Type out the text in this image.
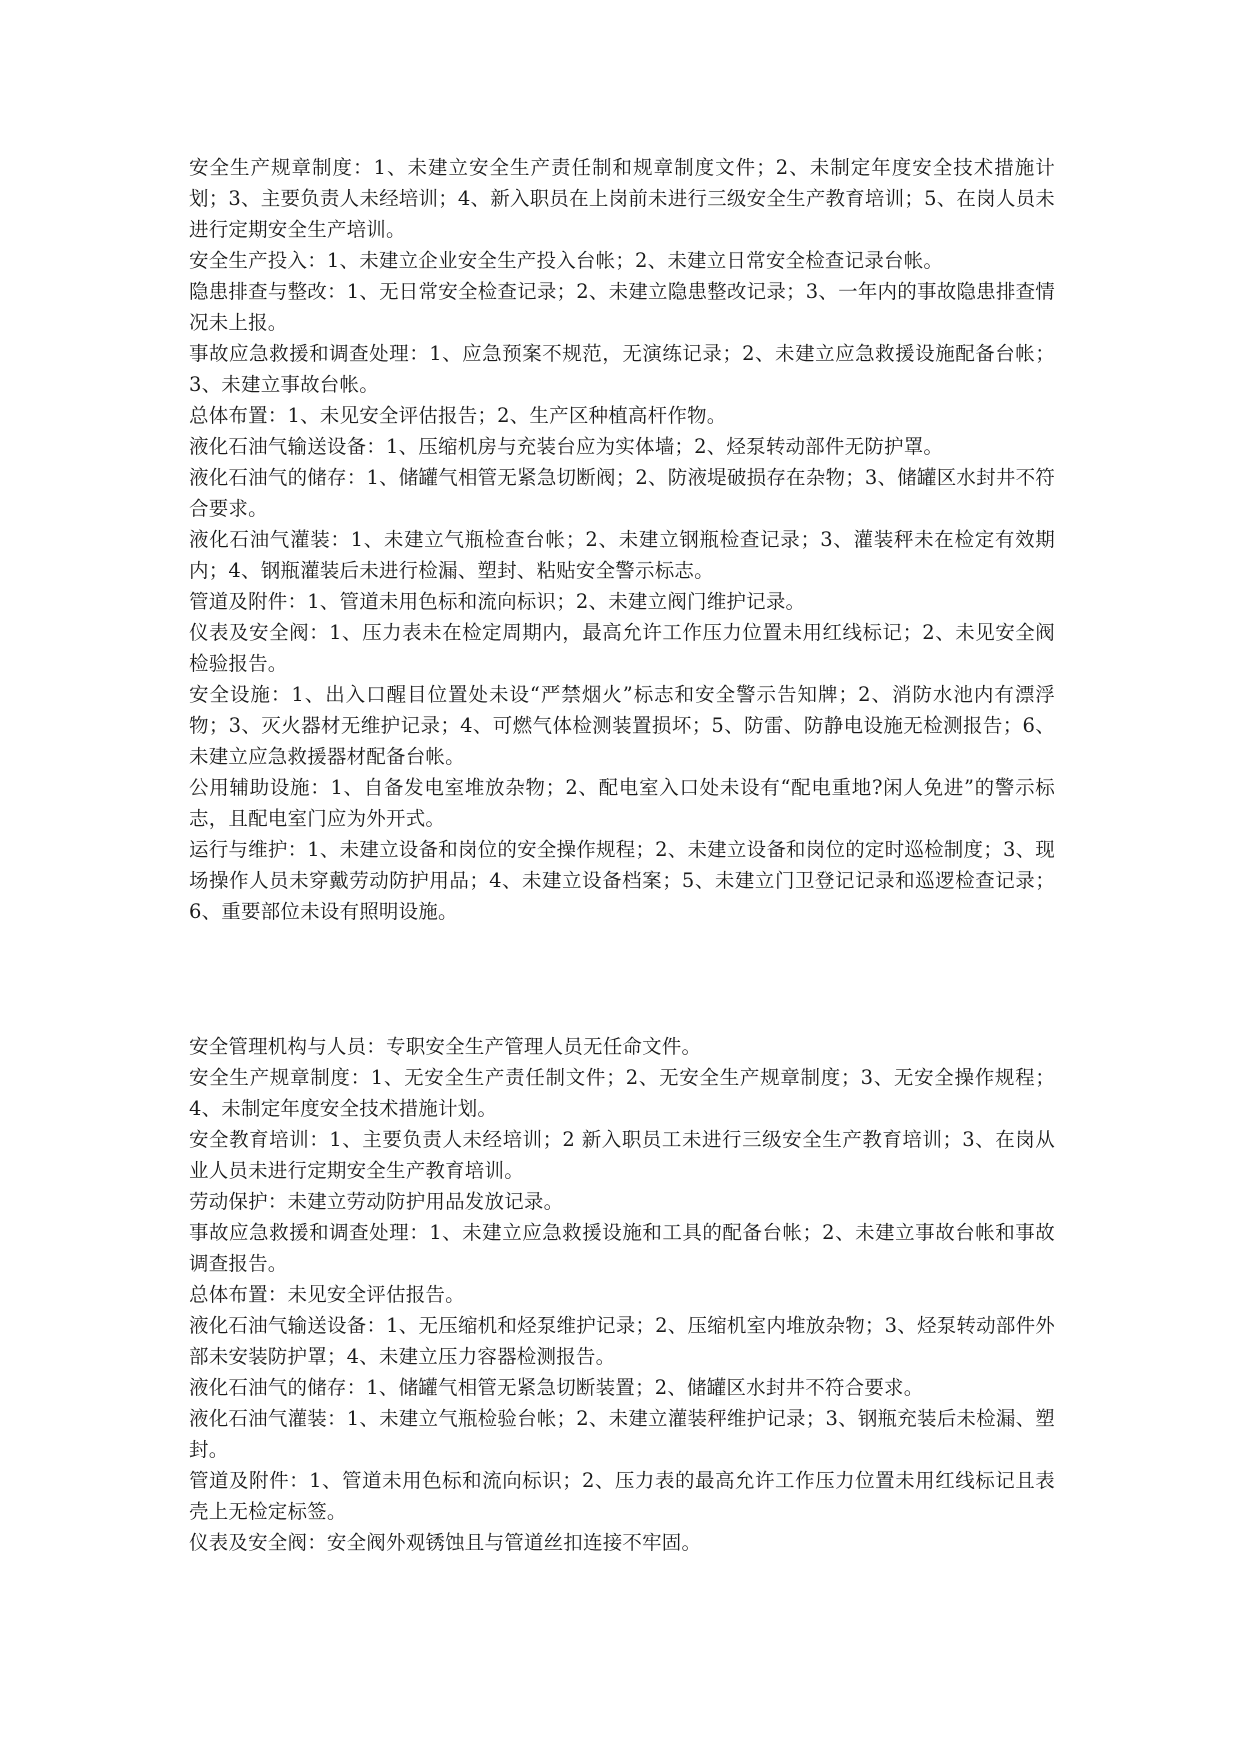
安全生产规章制度：1、未建立安全生产责任制和规章制度文件；2、未制定年度安全技术措施计划；3、主要负责人未经培训；4、新入职员在上岗前未进行三级安全生产教育培训；5、在岗人员未进行定期安全生产培训。

安全生产投入：1、未建立企业安全生产投入台帐；2、未建立日常安全检查记录台帐。

隐患排查与整改：1、无日常安全检查记录；2、未建立隐患整改记录；3、一年内的事故隐患排查情况未上报。

事故应急救援和调查处理：1、应急预案不规范，无演练记录；2、未建立应急救援设施配备台帐； 3、未建立事故台帐。

总体布置：1、未见安全评估报告；2、生产区种植高杆作物。

液化石油气输送设备：1、压缩机房与充装台应为实体墙；2、烃泵转动部件无防护罩。

液化石油气的储存：1、储罐气相管无紧急切断阀；2、防液堤破损存在杂物；3、储罐区水封井不符合要求。

液化石油气灌装：1、未建立气瓶检查台帐；2、未建立钢瓶检查记录；3、灌装秤未在检定有效期内；4、钢瓶灌装后未进行检漏、塑封、粘贴安全警示标志。

管道及附件：1、管道未用色标和流向标识；2、未建立阀门维护记录。

仪表及安全阀：1、压力表未在检定周期内，最高允许工作压力位置未用红线标记；2、未见安全阀检验报告。

安全设施：1、出入口醒目位置处未设“严禁烟火”标志和安全警示告知牌；2、消防水池内有漂浮物；3、灭火器材无维护记录；4、可燃气体检测装置损坏；5、防雷、防静电设施无检测报告；6、未建立应急救援器材配备台帐。

公用辅助设施：1、自备发电室堆放杂物；2、配电室入口处未设有“配电重地?闲人免进”的警示标志，且配电室门应为外开式。

运行与维护：1、未建立设备和岗位的安全操作规程；2、未建立设备和岗位的定时巡检制度；3、现场操作人员未穿戴劳动防护用品；4、未建立设备档案；5、未建立门卫登记记录和巡逻检查记录；6、重要部位未设有照明设施。

安全管理机构与人员：专职安全生产管理人员无任命文件。

安全生产规章制度：1、无安全生产责任制文件；2、无安全生产规章制度；3、无安全操作规程；4、未制定年度安全技术措施计划。

安全教育培训：1、主要负责人未经培训；2 新入职员工未进行三级安全生产教育培训；3、在岗从业人员未进行定期安全生产教育培训。

劳动保护：未建立劳动防护用品发放记录。

事故应急救援和调查处理：1、未建立应急救援设施和工具的配备台帐；2、未建立事故台帐和事故调查报告。

总体布置：未见安全评估报告。

液化石油气输送设备：1、无压缩机和烃泵维护记录；2、压缩机室内堆放杂物；3、烃泵转动部件外部未安装防护罩；4、未建立压力容器检测报告。

液化石油气的储存：1、储罐气相管无紧急切断装置；2、储罐区水封井不符合要求。

液化石油气灌装：1、未建立气瓶检验台帐；2、未建立灌装秤维护记录；3、钢瓶充装后未检漏、塑封。

管道及附件：1、管道未用色标和流向标识；2、压力表的最高允许工作压力位置未用红线标记且表壳上无检定标签。

仪表及安全阀：安全阀外观锈蚀且与管道丝扣连接不牢固。
